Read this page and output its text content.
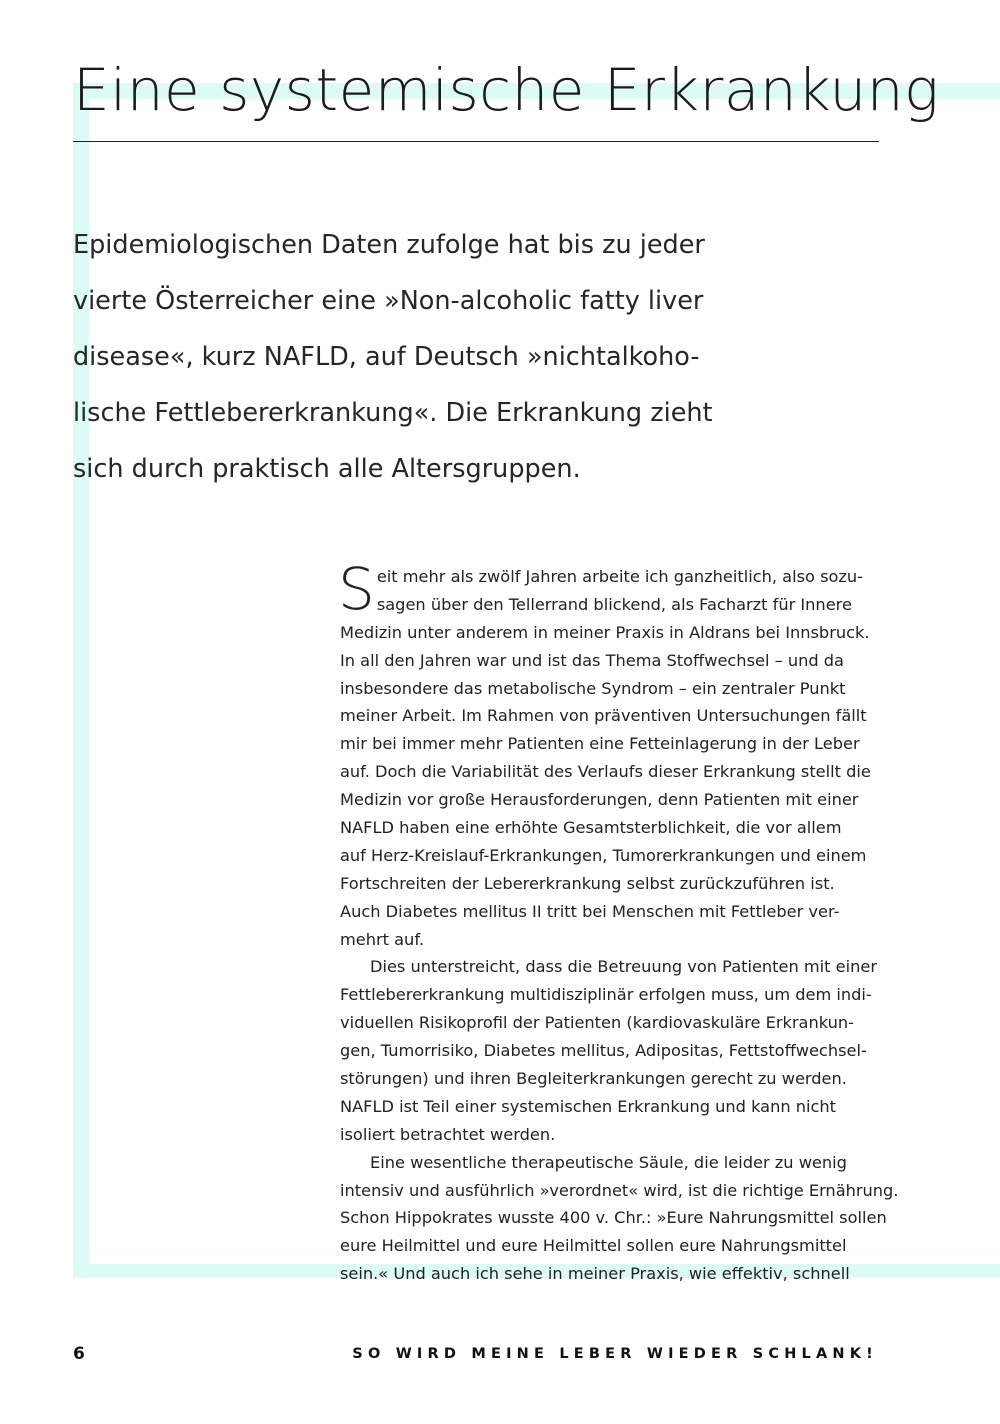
Eine systemische Erkrankung
Epidemiologischen Daten zufolge hat bis zu jeder
vierte Österreicher eine »Non-alcoholic fatty liver
disease«, kurz NAFLD, auf Deutsch »nichtalkoho-
lische Fettlebererkrankung«. Die Erkrankung zieht
sich durch praktisch alle Altersgruppen.
S eit mehr als zwölf Jahren arbeite ich ganzheitlich, also sozu-
sagen über den Tellerrand blickend, als Facharzt für Innere
Medizin unter anderem in meiner Praxis in Aldrans bei Innsbruck.
In all den Jahren war und ist das Thema Stoffwechsel – und da
insbesondere das metabolische Syndrom – ein zentraler Punkt
meiner Arbeit. Im Rahmen von präventiven Untersuchungen fällt
mir bei immer mehr Patienten eine Fetteinlagerung in der Leber
auf. Doch die Variabilität des Verlaufs dieser Erkrankung stellt die
Medizin vor große Herausforderungen, denn Patienten mit einer
NAFLD haben eine erhöhte Gesamtsterblichkeit, die vor allem
auf Herz-Kreislauf-Erkrankungen, Tumorerkrankungen und einem
Fortschreiten der Lebererkrankung selbst zurückzuführen ist.
Auch Diabetes mellitus II tritt bei Menschen mit Fettleber ver-
mehrt auf.
Dies unterstreicht, dass die Betreuung von Patienten mit einer
Fettlebererkrankung multidisziplinär erfolgen muss, um dem indi-
viduellen Risikoprofil der Patienten (kardiovaskuläre Erkrankun-
gen, Tumorrisiko, Diabetes mellitus, Adipositas, Fettstoffwechsel-
störungen) und ihren Begleiterkrankungen gerecht zu werden.
NAFLD ist Teil einer systemischen Erkrankung und kann nicht
isoliert betrachtet werden.
Eine wesentliche therapeutische Säule, die leider zu wenig
intensiv und ausführlich »verordnet« wird, ist die richtige Ernährung.
Schon Hippokrates wusste 400 v. Chr.: »Eure Nahrungsmittel sollen
eure Heilmittel und eure Heilmittel sollen eure Nahrungsmittel
sein.« Und auch ich sehe in meiner Praxis, wie effektiv, schnell

6	SO WIRD MEINE LEBER WIEDER SCHLANK!
